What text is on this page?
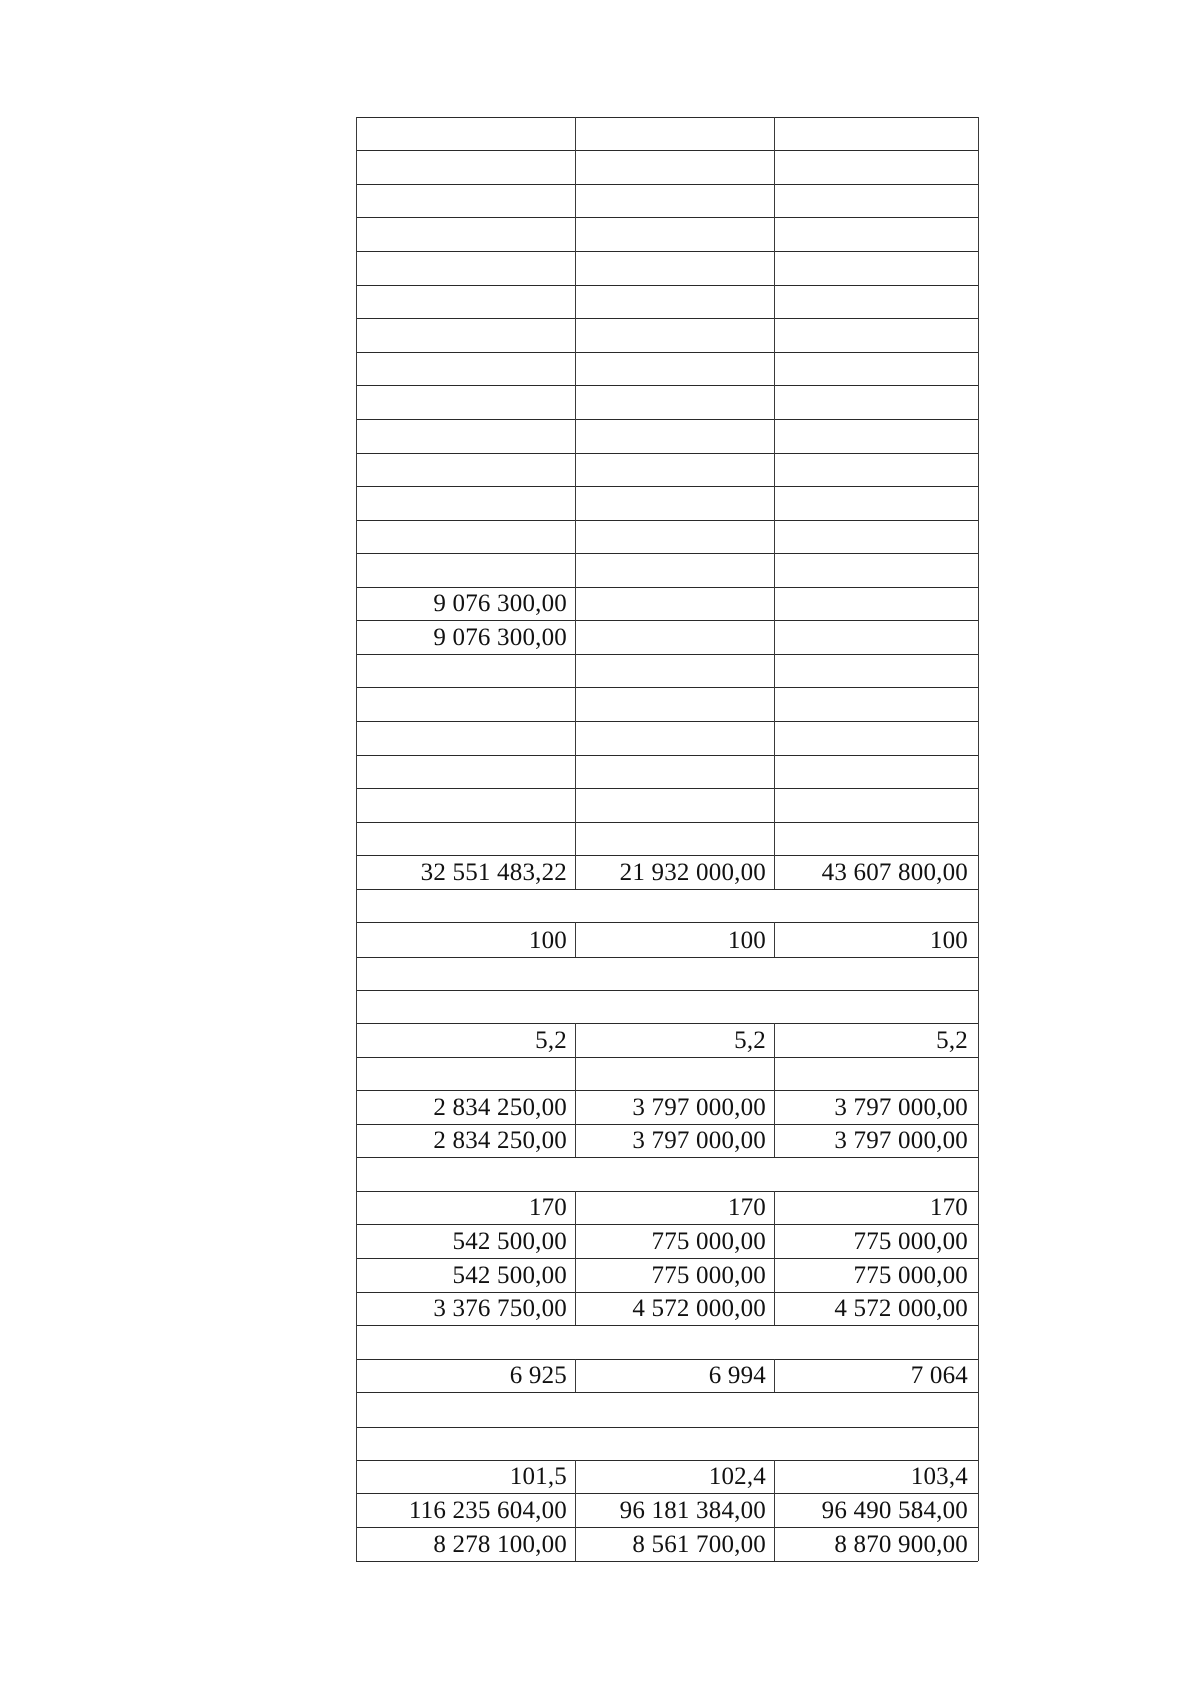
9 076 300,00
9 076 300,00
32 551 483,22	21 932 000,00	43 607 800,00
100	100	100
5,2	5,2	5,2
2 834 250,00	3 797 000,00	3 797 000,00
2 834 250,00	3 797 000,00	3 797 000,00
170	170	170
542 500,00	775 000,00	775 000,00
542 500,00	775 000,00	775 000,00
3 376 750,00	4 572 000,00	4 572 000,00
6 925	6 994	7 064
101,5	102,4	103,4
116 235 604,00	96 181 384,00	96 490 584,00
8 278 100,00	8 561 700,00	8 870 900,00
